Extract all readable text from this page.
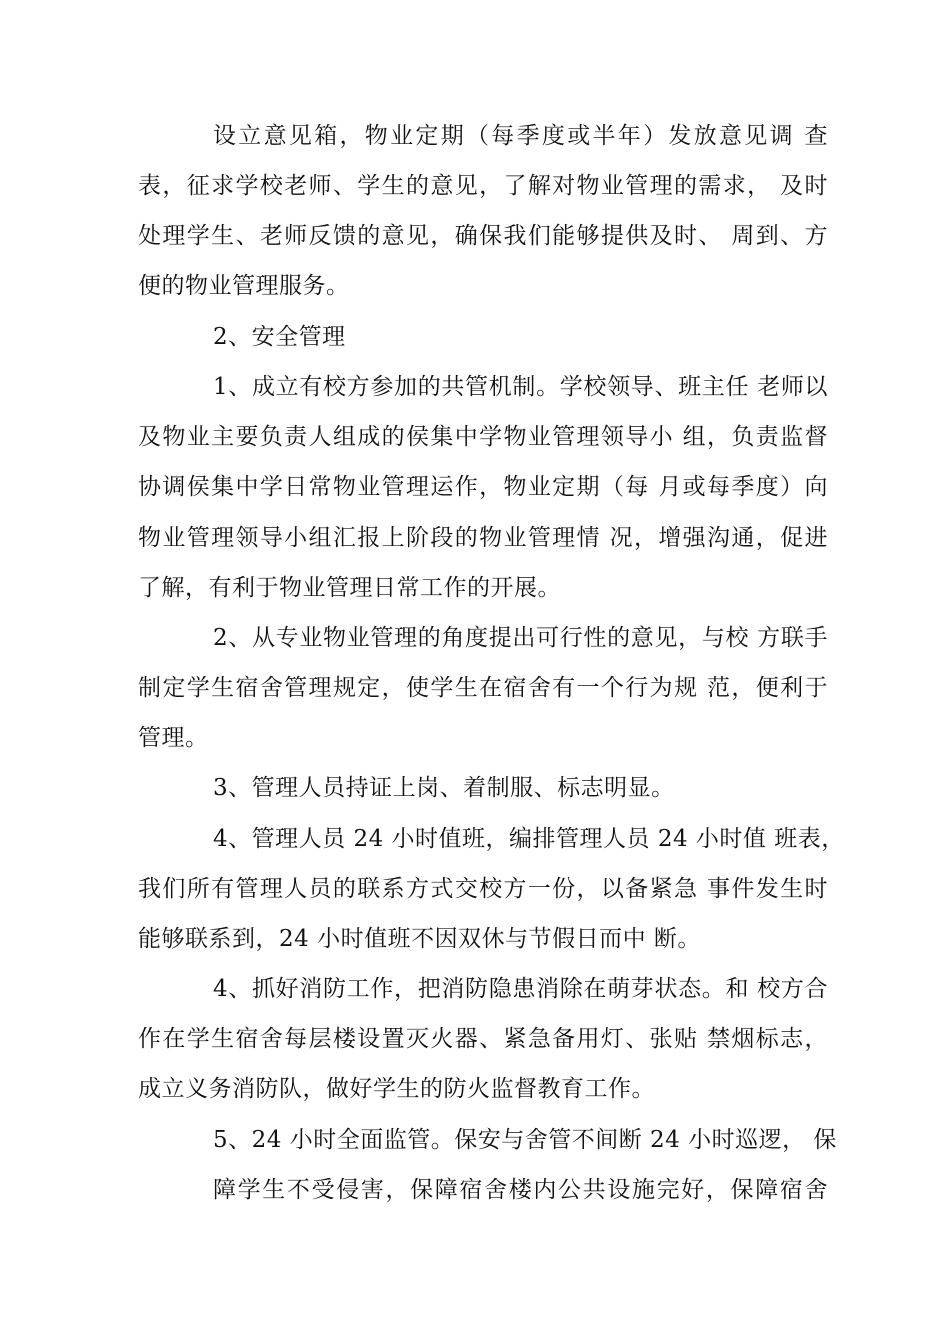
设立意见箱，物业定期（每季度或半年）发放意见调 查
表，征求学校老师、学生的意见，了解对物业管理的需求， 及时
处理学生、老师反馈的意见，确保我们能够提供及时、 周到、方
便的物业管理服务。
2、安全管理
1、成立有校方参加的共管机制。学校领导、班主任 老师以
及物业主要负责人组成的侯集中学物业管理领导小 组，负责监督
协调侯集中学日常物业管理运作，物业定期（每 月或每季度）向
物业管理领导小组汇报上阶段的物业管理情 况，增强沟通，促进
了解，有利于物业管理日常工作的开展。
2、从专业物业管理的角度提出可行性的意见，与校 方联手
制定学生宿舍管理规定，使学生在宿舍有一个行为规 范，便利于
管理。
3、管理人员持证上岗、着制服、标志明显。
4、管理人员 24 小时值班，编排管理人员 24 小时值 班表，
我们所有管理人员的联系方式交校方一份，以备紧急 事件发生时
能够联系到，24 小时值班不因双休与节假日而中 断。
4、抓好消防工作，把消防隐患消除在萌芽状态。和 校方合
作在学生宿舍每层楼设置灭火器、紧急备用灯、张贴 禁烟标志，
成立义务消防队，做好学生的防火监督教育工作。
5、24 小时全面监管。保安与舍管不间断 24 小时巡逻， 保
障学生不受侵害，保障宿舍楼内公共设施完好，保障宿舍
